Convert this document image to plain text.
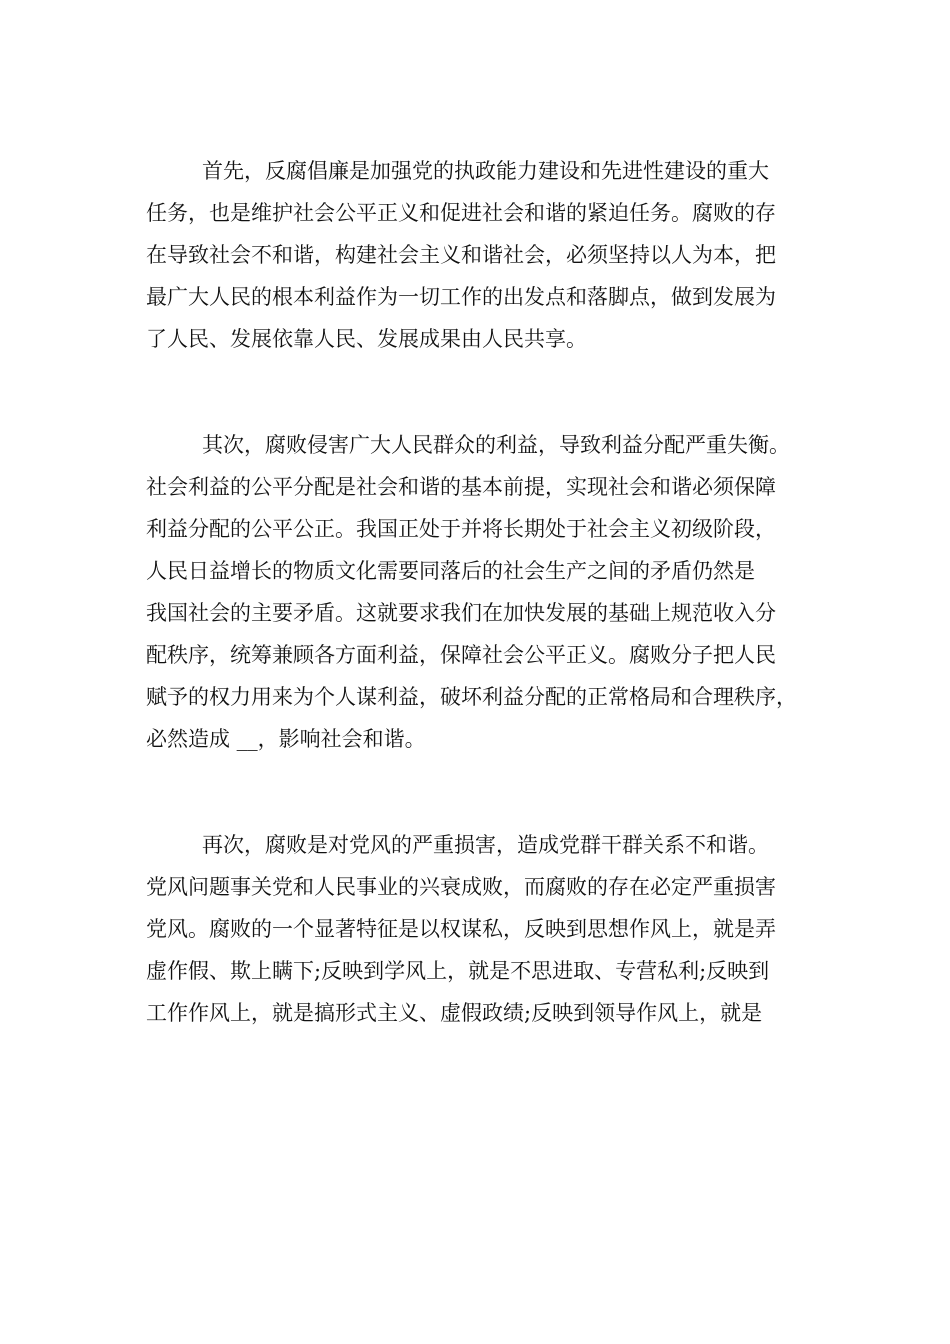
首先，反腐倡廉是加强党的执政能力建设和先进性建设的重大
任务，也是维护社会公平正义和促进社会和谐的紧迫任务。腐败的存
在导致社会不和谐，构建社会主义和谐社会，必须坚持以人为本，把
最广大人民的根本利益作为一切工作的出发点和落脚点，做到发展为
了人民、发展依靠人民、发展成果由人民共享。
其次，腐败侵害广大人民群众的利益，导致利益分配严重失衡。
社会利益的公平分配是社会和谐的基本前提，实现社会和谐必须保障
利益分配的公平公正。我国正处于并将长期处于社会主义初级阶段，
人民日益增长的物质文化需要同落后的社会生产之间的矛盾仍然是
我国社会的主要矛盾。这就要求我们在加快发展的基础上规范收入分
配秩序，统筹兼顾各方面利益，保障社会公平正义。腐败分子把人民
赋予的权力用来为个人谋利益，破坏利益分配的正常格局和合理秩序，
必然造成 __，影响社会和谐。
再次，腐败是对党风的严重损害，造成党群干群关系不和谐。
党风问题事关党和人民事业的兴衰成败，而腐败的存在必定严重损害
党风。腐败的一个显著特征是以权谋私，反映到思想作风上，就是弄
虚作假、欺上瞒下;反映到学风上，就是不思进取、专营私利;反映到
工作作风上，就是搞形式主义、虚假政绩;反映到领导作风上，就是
